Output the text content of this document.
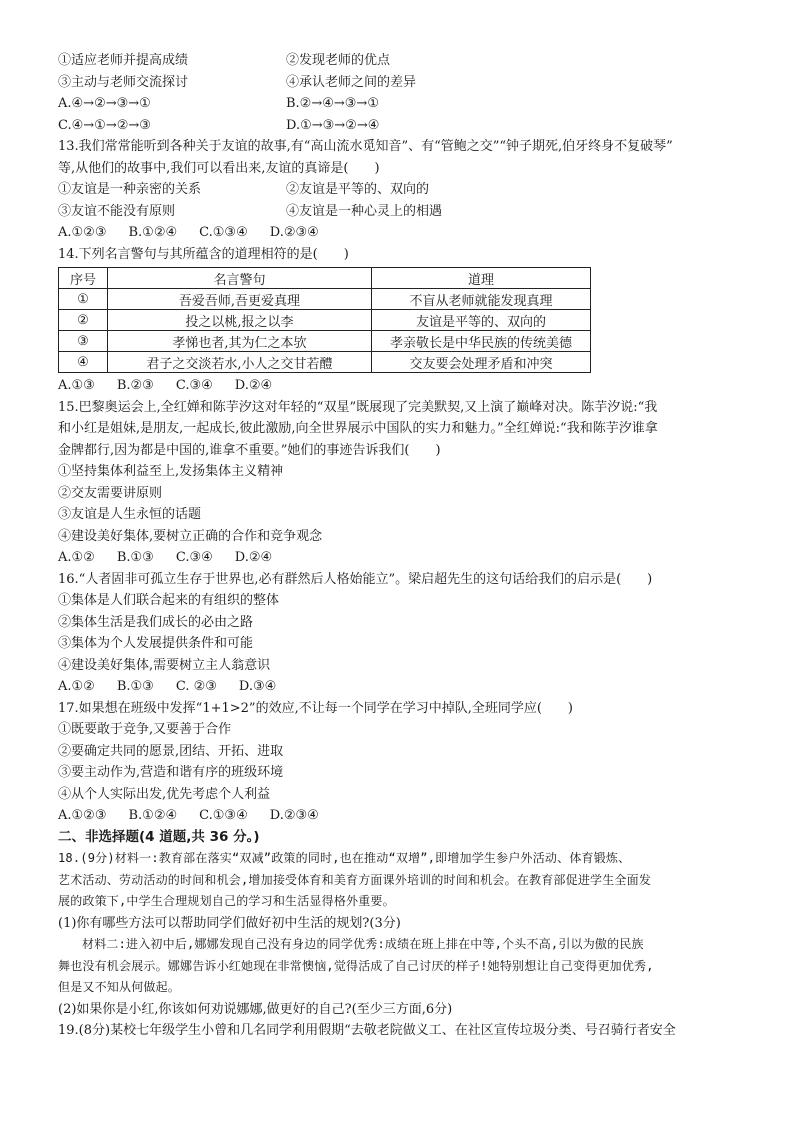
①适应老师并提高成绩	②发现老师的优点
③主动与老师交流探讨	④承认老师之间的差异
A.④→②→③→①	B.②→④→③→①
C.④→①→②→③	D.①→③→②→④
13.我们常常能听到各种关于友谊的故事,有“高山流水觅知音”、有“管鲍之交”“钟子期死,伯牙终身不复破琴”
等,从他们的故事中,我们可以看出来,友谊的真谛是(　　)
①友谊是一种亲密的关系	②友谊是平等的、双向的
③友谊不能没有原则	④友谊是一种心灵上的相遇
A.①②③ B.①②④ C.①③④ D.②③④
14.下列名言警句与其所蕴含的道理相符的是(　　)
序号	名言警句	道理
①	吾爱吾师,吾更爱真理	不盲从老师就能发现真理
②	投之以桃,报之以李	友谊是平等的、双向的
③	孝悌也者,其为仁之本欤	孝亲敬长是中华民族的传统美德
④	君子之交淡若水,小人之交甘若醴	交友要会处理矛盾和冲突
A.①③ B.②③ C.③④ D.②④
15.巴黎奥运会上,全红婵和陈芋汐这对年轻的“双星”既展现了完美默契,又上演了巅峰对决。陈芋汐说:“我
和小红是姐妹,是朋友,一起成长,彼此激励,向全世界展示中国队的实力和魅力。”全红婵说:“我和陈芋汐谁拿
金牌都行,因为都是中国的,谁拿不重要。”她们的事迹告诉我们(　　)
①坚持集体利益至上,发扬集体主义精神
②交友需要讲原则
③友谊是人生永恒的话题
④建设美好集体,要树立正确的合作和竞争观念
A.①② B.①③ C.③④ D.②④
16.“人者固非可孤立生存于世界也,必有群然后人格始能立”。梁启超先生的这句话给我们的启示是(　　)
①集体是人们联合起来的有组织的整体
②集体生活是我们成长的必由之路
③集体为个人发展提供条件和可能
④建设美好集体,需要树立主人翁意识
A.①② B.①③ C. ②③ D.③④
17.如果想在班级中发挥“1+1>2”的效应,不让每一个同学在学习中掉队,全班同学应(　　)
①既要敢于竞争,又要善于合作
②要确定共同的愿景,团结、开拓、进取
③要主动作为,营造和谐有序的班级环境
④从个人实际出发,优先考虑个人利益
A.①②③ B.①②④ C.①③④ D.②③④
二、非选择题(4 道题,共 36 分。)
18.(9分)材料一:教育部在落实“双减”政策的同时,也在推动“双增”,即增加学生参户外活动、体育锻炼、
艺术活动、劳动活动的时间和机会,增加接受体育和美育方面课外培训的时间和机会。在教育部促进学生全面发
展的政策下,中学生合理规划自己的学习和生活显得格外重要。
(1)你有哪些方法可以帮助同学们做好初中生活的规划?(3分)
材料二:进入初中后,娜娜发现自己没有身边的同学优秀:成绩在班上排在中等,个头不高,引以为傲的民族
舞也没有机会展示。娜娜告诉小红她现在非常懊恼,觉得活成了自己讨厌的样子!她特别想让自己变得更加优秀,
但是又不知从何做起。
(2)如果你是小红,你该如何劝说娜娜,做更好的自己?(至少三方面,6分)
19.(8分)某校七年级学生小曾和几名同学利用假期“去敬老院做义工、在社区宣传垃圾分类、号召骑行者安全
